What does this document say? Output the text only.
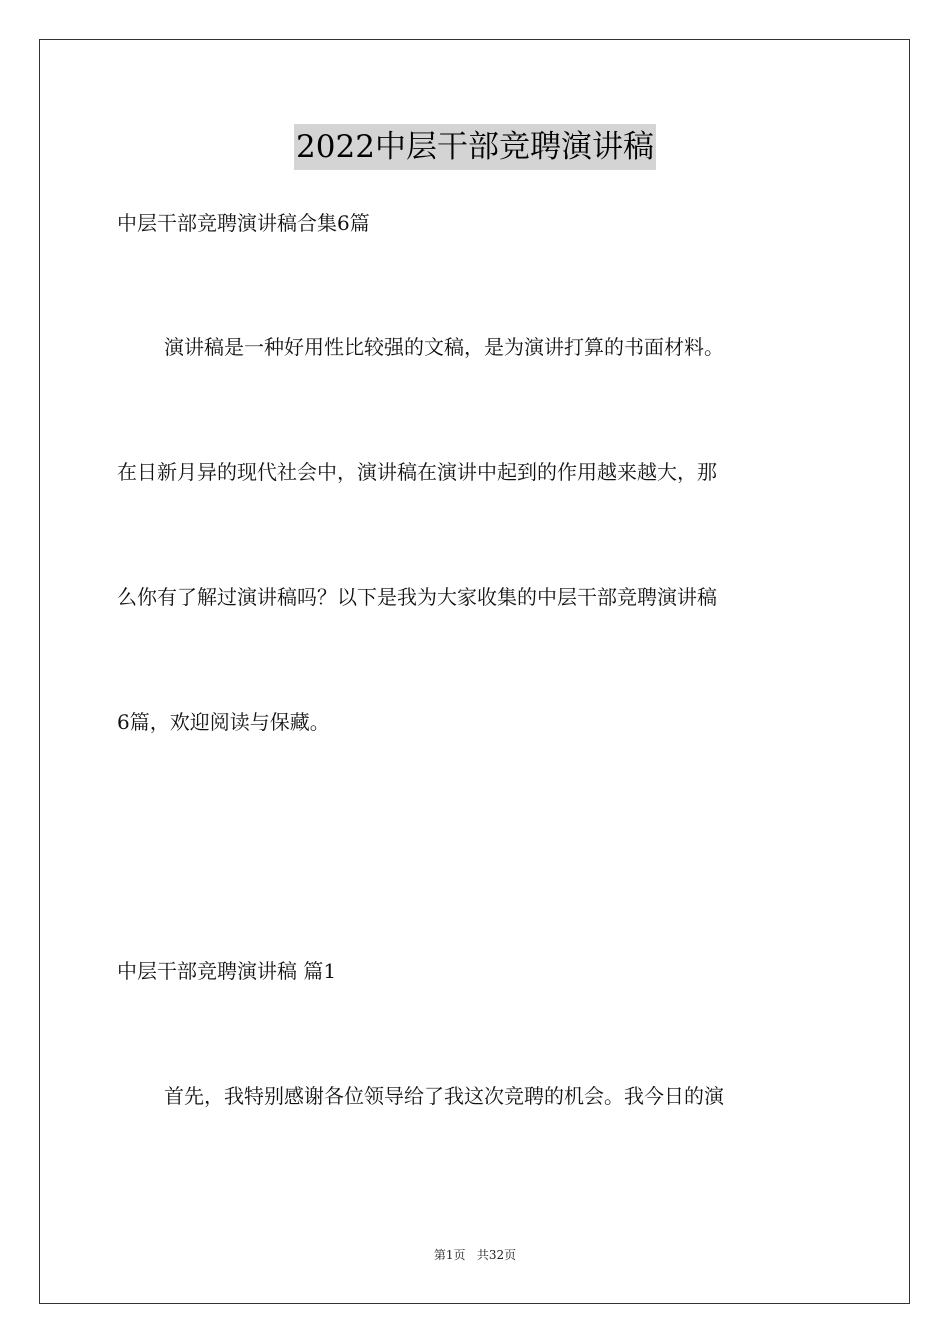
2022中层干部竞聘演讲稿
中层干部竞聘演讲稿合集6篇
演讲稿是一种好用性比较强的文稿，是为演讲打算的书面材料。
在日新月异的现代社会中，演讲稿在演讲中起到的作用越来越大，那
么你有了解过演讲稿吗？以下是我为大家收集的中层干部竞聘演讲稿
6篇，欢迎阅读与保藏。
中层干部竞聘演讲稿 篇1
首先，我特别感谢各位领导给了我这次竞聘的机会。我今日的演
第1页   共32页
